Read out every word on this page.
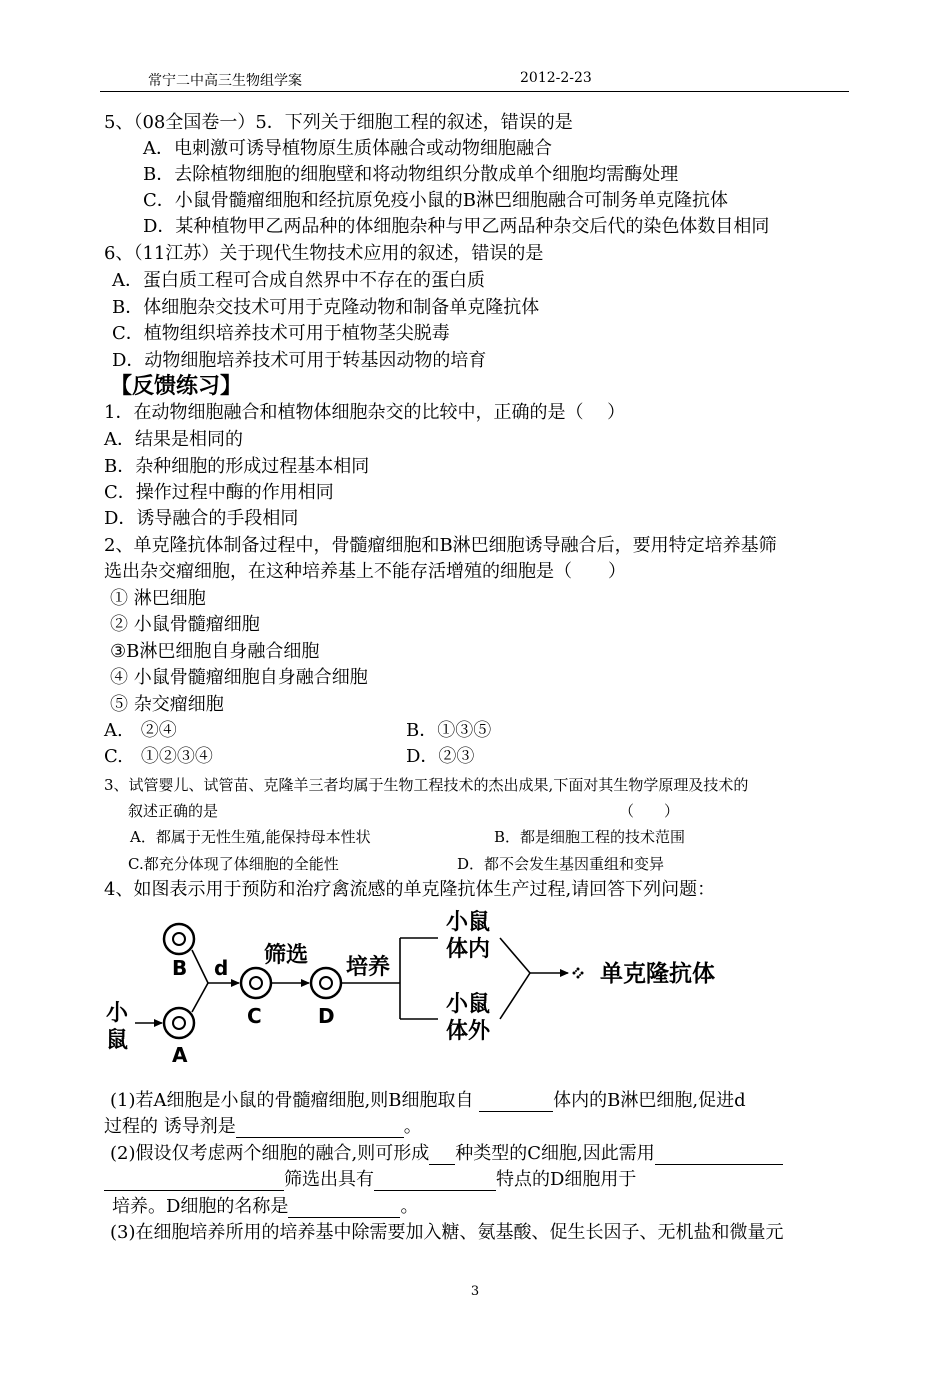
常宁二中高三生物组学案	2012-2-23
5、（08全国卷一）5．下列关于细胞工程的叙述，错误的是
A．电刺激可诱导植物原生质体融合或动物细胞融合
B．去除植物细胞的细胞壁和将动物组织分散成单个细胞均需酶处理
C．小鼠骨髓瘤细胞和经抗原免疫小鼠的B淋巴细胞融合可制务单克隆抗体
D．某种植物甲乙两品种的体细胞杂种与甲乙两品种杂交后代的染色体数目相同
6、（11江苏）关于现代生物技术应用的叙述，错误的是
A．蛋白质工程可合成自然界中不存在的蛋白质
B．体细胞杂交技术可用于克隆动物和制备单克隆抗体
C．植物组织培养技术可用于植物茎尖脱毒
D．动物细胞培养技术可用于转基因动物的培育
【反馈练习】
1．在动物细胞融合和植物体细胞杂交的比较中，正确的是（　 ）
A．结果是相同的
B．杂种细胞的形成过程基本相同
C．操作过程中酶的作用相同
D．诱导融合的手段相同
2、单克隆抗体制备过程中，骨髓瘤细胞和B淋巴细胞诱导融合后，要用特定培养基筛
选出杂交瘤细胞，在这种培养基上不能存活增殖的细胞是（　　）
① 淋巴细胞
② 小鼠骨髓瘤细胞
③B淋巴细胞自身融合细胞
④ 小鼠骨髓瘤细胞自身融合细胞
⑤ 杂交瘤细胞
A.　②④	B．①③⑤
C.　①②③④	D．②③
3、试管婴儿、试管苗、克隆羊三者均属于生物工程技术的杰出成果,下面对其生物学原理及技术的
叙述正确的是	（　　）
A．都属于无性生殖,能保持母本性状	B．都是细胞工程的技术范围
C.都充分体现了体细胞的全能性	D．都不会发生基因重组和变异
4、如图表示用于预防和治疗禽流感的单克隆抗体生产过程,请回答下列问题：
B d 筛选 培养
小鼠
体内
小鼠
体外
小
鼠
A
C	D
单克隆抗体
(1)若A细胞是小鼠的骨髓瘤细胞,则B细胞取自	体内的B淋巴细胞,促进d
过程的 诱导剂是	。
(2)假设仅考虑两个细胞的融合,则可形成 种类型的C细胞,因此需用
筛选出具有	特点的D细胞用于
培养。D细胞的名称是	。
(3)在细胞培养所用的培养基中除需要加入糖、氨基酸、促生长因子、无机盐和微量元
3
